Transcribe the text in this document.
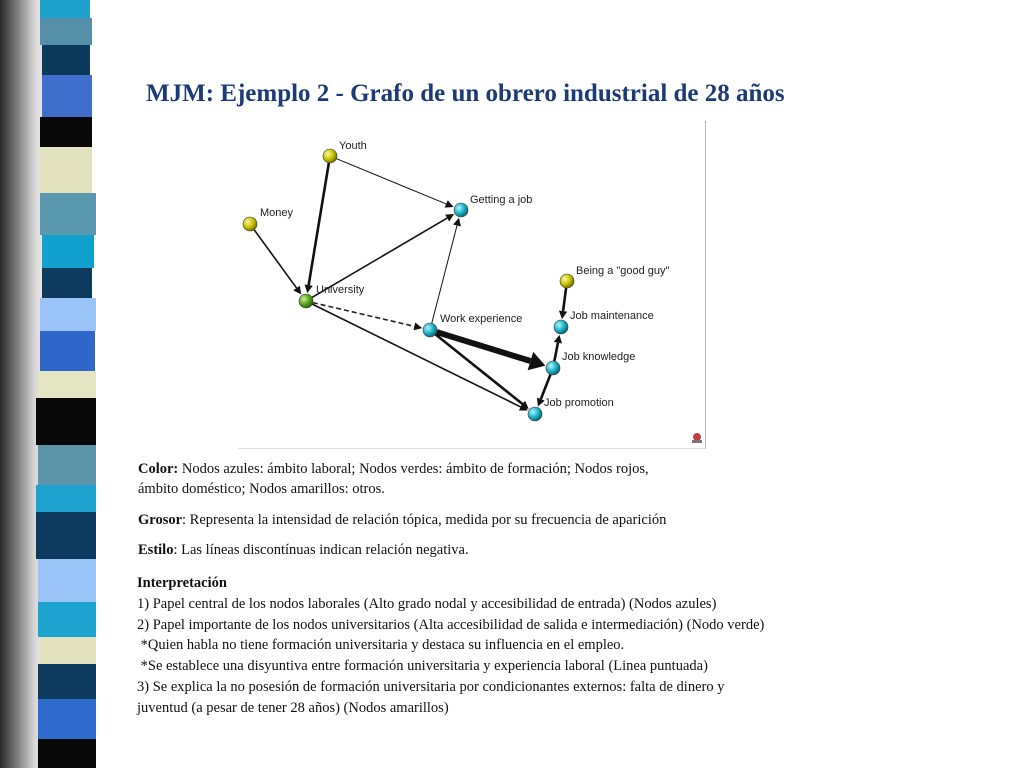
MJM: Ejemplo 2 - Grafo de un obrero industrial de 28 años
Youth
Money
Getting a job
University
Being a "good guy"
Job maintenance
Work experience
Job knowledge
Job promotion

Color: Nodos azules: ámbito laboral; Nodos verdes: ámbito de formación; Nodos rojos,
ámbito doméstico; Nodos amarillos: otros.

Grosor: Representa la intensidad de relación tópica, medida por su frecuencia de aparición

Estilo: Las líneas discontínuas indican relación negativa.

Interpretación
1) Papel central de los nodos laborales (Alto grado nodal y accesibilidad de entrada) (Nodos azules)
2) Papel importante de los nodos universitarios (Alta accesibilidad de salida e intermediación) (Nodo verde)
*Quien habla no tiene formación universitaria y destaca su influencia en el empleo.
*Se establece una disyuntiva entre formación universitaria y experiencia laboral (Linea puntuada)
3) Se explica la no posesión de formación universitaria por condicionantes externos: falta de dinero y
juventud (a pesar de tener 28 años) (Nodos amarillos)
